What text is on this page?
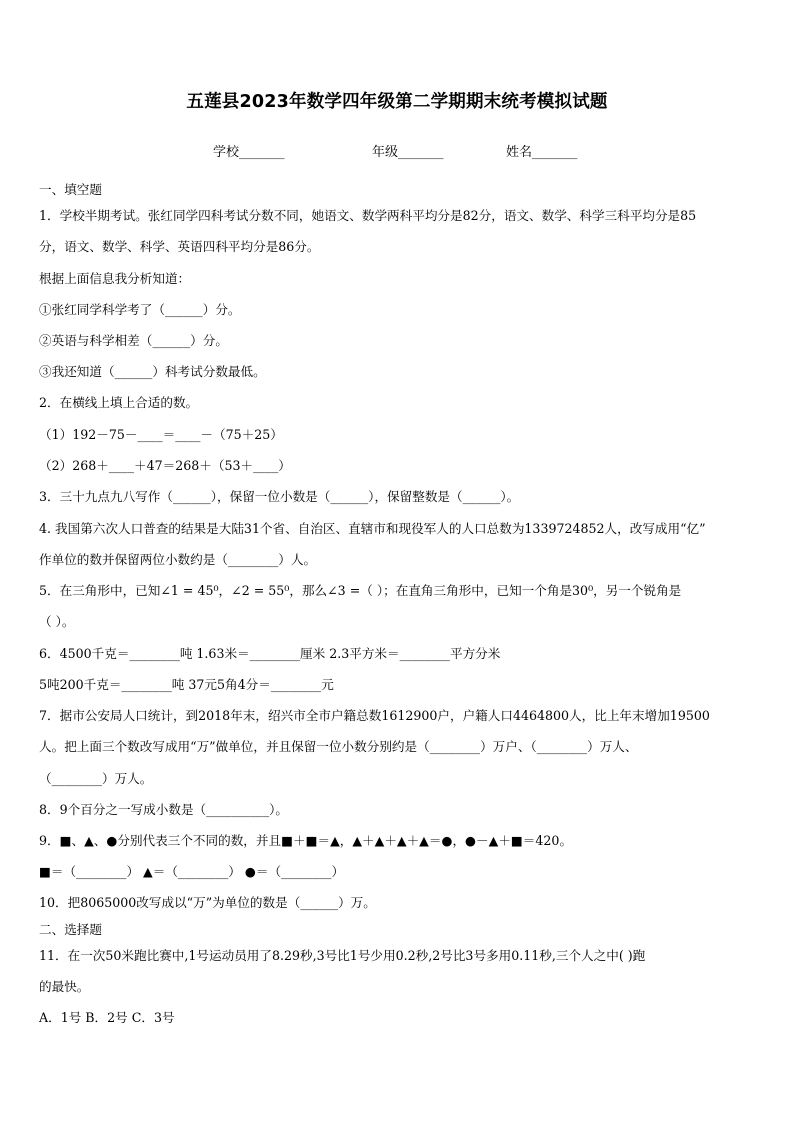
五莲县2023年数学四年级第二学期期末统考模拟试题
学校_______	年级_______	姓名_______
一、填空题
1．学校半期考试。张红同学四科考试分数不同，她语文、数学两科平均分是82分，语文、数学、科学三科平均分是85
分，语文、数学、科学、英语四科平均分是86分。
根据上面信息我分析知道：
①张红同学科学考了（______）分。
②英语与科学相差（______）分。
③我还知道（______）科考试分数最低。
2．在横线上填上合适的数。
（1）192－75－____＝____－（75＋25）
（2）268＋____＋47＝268＋（53＋____）
3．三十九点九八写作（______），保留一位小数是（______），保留整数是（______）。
4. 我国第六次人口普查的结果是大陆31个省、自治区、直辖市和现役军人的人口总数为1339724852人，改写成用“亿”
作单位的数并保留两位小数约是（________）人。
5．在三角形中，已知∠1 = 45⁰，∠2 = 55⁰，那么∠3 =（ ）；在直角三角形中，已知一个角是30⁰，另一个锐角是
（ ）。
6．4500千克＝________吨 1.63米＝________厘米 2.3平方米＝________平方分米
5吨200千克＝________吨 37元5角4分＝________元
7．据市公安局人口统计，到2018年末，绍兴市全市户籍总数1612900户，户籍人口4464800人，比上年末增加19500
人。把上面三个数改写成用“万”做单位，并且保留一位小数分别约是（________）万户、（________）万人、
（________）万人。
8．9个百分之一写成小数是（__________）。
9．■、▲、●分别代表三个不同的数，并且■＋■＝▲，▲＋▲＋▲＋▲＝●，●－▲＋■＝420。
■＝（________） ▲＝（________） ●＝（________）
10．把8065000改写成以“万”为单位的数是（______）万。
二、选择题
11．在一次50米跑比赛中,1号运动员用了8.29秒,3号比1号少用0.2秒,2号比3号多用0.11秒,三个人之中( )跑
的最快。
A．1号 B．2号 C．3号
